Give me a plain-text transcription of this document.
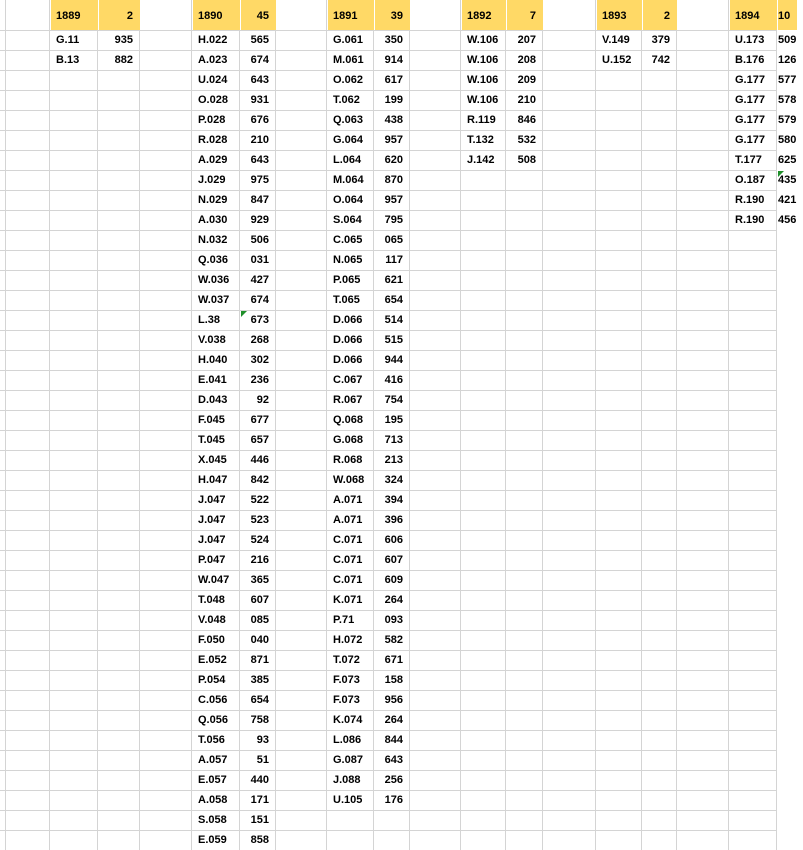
1889	2
G.11	935
B.13	882
1890	45
H.022	565
A.023	674
U.024	643
O.028	931
P.028	676
R.028	210
A.029	643
J.029	975
N.029	847
A.030	929
N.032	506
Q.036	031
W.036	427
W.037	674
L.38	673
V.038	268
H.040	302
E.041	236
D.043	92
F.045	677
T.045	657
X.045	446
H.047	842
J.047	522
J.047	523
J.047	524
P.047	216
W.047	365
T.048	607
V.048	085
F.050	040
E.052	871
P.054	385
C.056	654
Q.056	758
T.056	93
A.057	51
E.057	440
A.058	171
S.058	151
E.059	858
1891	39
G.061	350
M.061	914
O.062	617
T.062	199
Q.063	438
G.064	957
L.064	620
M.064	870
O.064	957
S.064	795
C.065	065
N.065	117
P.065	621
T.065	654
D.066	514
D.066	515
D.066	944
C.067	416
R.067	754
Q.068	195
G.068	713
R.068	213
W.068	324
A.071	394
A.071	396
C.071	606
C.071	607
C.071	609
K.071	264
P.71	093
H.072	582
T.072	671
F.073	158
F.073	956
K.074	264
L.086	844
G.087	643
J.088	256
U.105	176
1892	7
W.106	207
W.106	208
W.106	209
W.106	210
R.119	846
T.132	532
J.142	508
1893	2
V.149	379
U.152	742
1894	10
U.173	509
B.176	126
G.177	577
G.177	578
G.177	579
G.177	580
T.177	625
O.187	435
R.190	421
R.190	456
